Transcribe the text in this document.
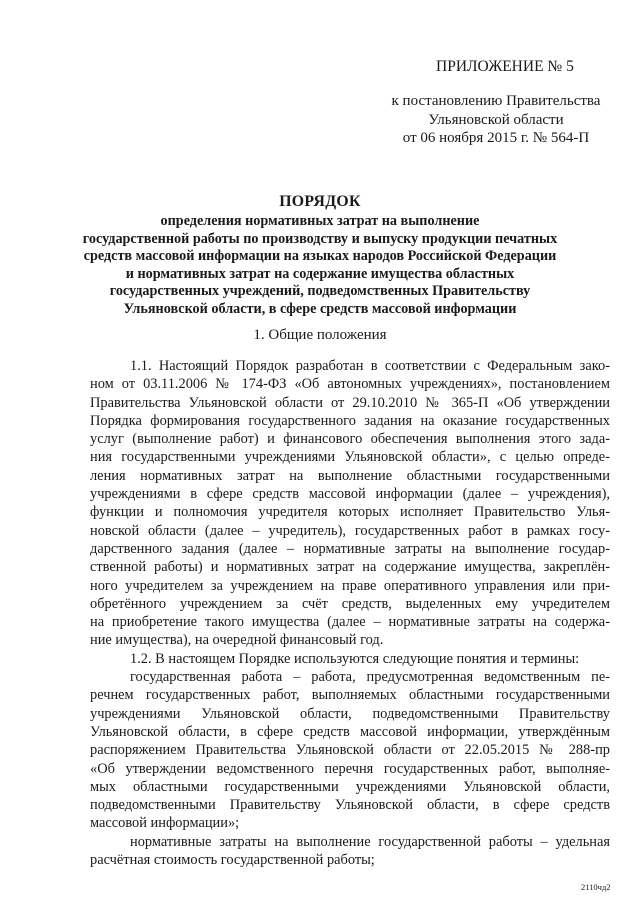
ПРИЛОЖЕНИЕ № 5
к постановлению Правительства
Ульяновской области
от 06 ноября 2015 г. № 564-П
ПОРЯДОК
определения нормативных затрат на выполнение
государственной работы по производству и выпуску продукции печатных
средств массовой информации на языках народов Российской Федерации
и нормативных затрат на содержание имущества областных
государственных учреждений, подведомственных Правительству
Ульяновской области, в сфере средств массовой информации
1. Общие положения
1.1. Настоящий Порядок разработан в соответствии с Федеральным зако-
ном от 03.11.2006 № 174-ФЗ «Об автономных учреждениях», постановлением
Правительства Ульяновской области от 29.10.2010 № 365-П «Об утверждении
Порядка формирования государственного задания на оказание государственных
услуг (выполнение работ) и финансового обеспечения выполнения этого зада-
ния государственными учреждениями Ульяновской области», с целью опреде-
ления нормативных затрат на выполнение областными государственными
учреждениями в сфере средств массовой информации (далее – учреждения),
функции и полномочия учредителя которых исполняет Правительство Улья-
новской области (далее – учредитель), государственных работ в рамках госу-
дарственного задания (далее – нормативные затраты на выполнение государ-
ственной работы) и нормативных затрат на содержание имущества, закреплён-
ного учредителем за учреждением на праве оперативного управления или при-
обретённого учреждением за счёт средств, выделенных ему учредителем
на приобретение такого имущества (далее – нормативные затраты на содержа-
ние имущества), на очередной финансовый год.
1.2. В настоящем Порядке используются следующие понятия и термины:
государственная работа – работа, предусмотренная ведомственным пе-
речнем государственных работ, выполняемых областными государственными
учреждениями Ульяновской области, подведомственными Правительству
Ульяновской области, в сфере средств массовой информации, утверждённым
распоряжением Правительства Ульяновской области от 22.05.2015 № 288-пр
«Об утверждении ведомственного перечня государственных работ, выполняе-
мых областными государственными учреждениями Ульяновской области,
подведомственными Правительству Ульяновской области, в сфере средств
массовой информации»;
нормативные затраты на выполнение государственной работы – удельная
расчётная стоимость государственной работы;
2110чд2
